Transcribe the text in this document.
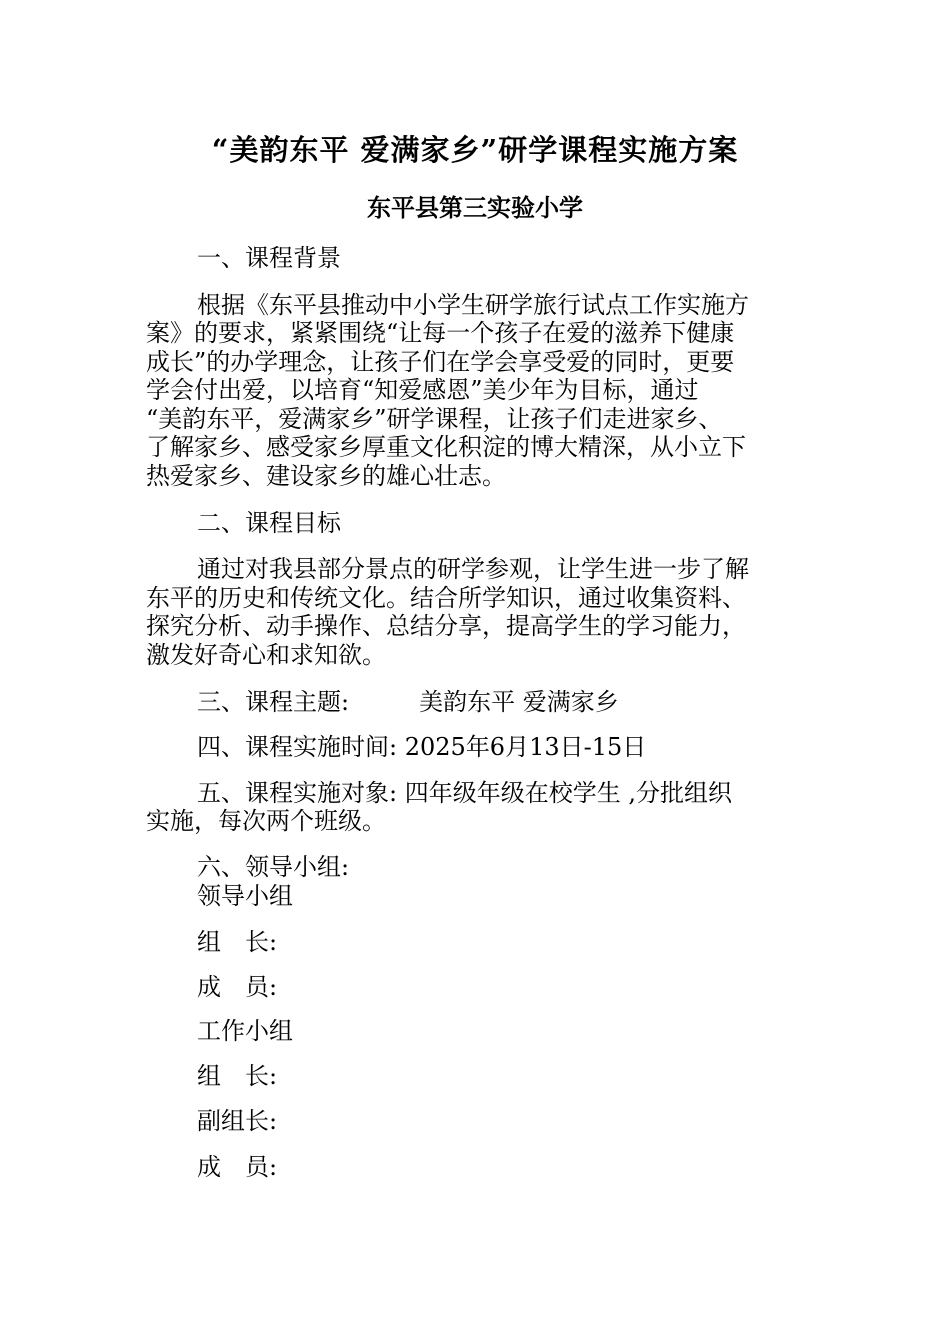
“美韵东平 爱满家乡”研学课程实施方案
东平县第三实验小学
一、课程背景
根据《东平县推动中小学生研学旅行试点工作实施方
案》的要求，紧紧围绕“让每一个孩子在爱的滋养下健康
成长”的办学理念，让孩子们在学会享受爱的同时，更要
学会付出爱，以培育“知爱感恩”美少年为目标，通过
“美韵东平，爱满家乡”研学课程，让孩子们走进家乡、
了解家乡、感受家乡厚重文化积淀的博大精深，从小立下
热爱家乡、建设家乡的雄心壮志。
二、课程目标
通过对我县部分景点的研学参观，让学生进一步了解
东平的历史和传统文化。结合所学知识，通过收集资料、
探究分析、动手操作、总结分享，提高学生的学习能力，
激发好奇心和求知欲。
三、课程主题:	美韵东平 爱满家乡
四、课程实施时间: 2025年6月13日-15日
五、课程实施对象: 四年级年级在校学生 ,分批组织
实施，每次两个班级。
六、领导小组:
领导小组
组　长:
成　员:
工作小组
组　长:
副组长:
成　员:
